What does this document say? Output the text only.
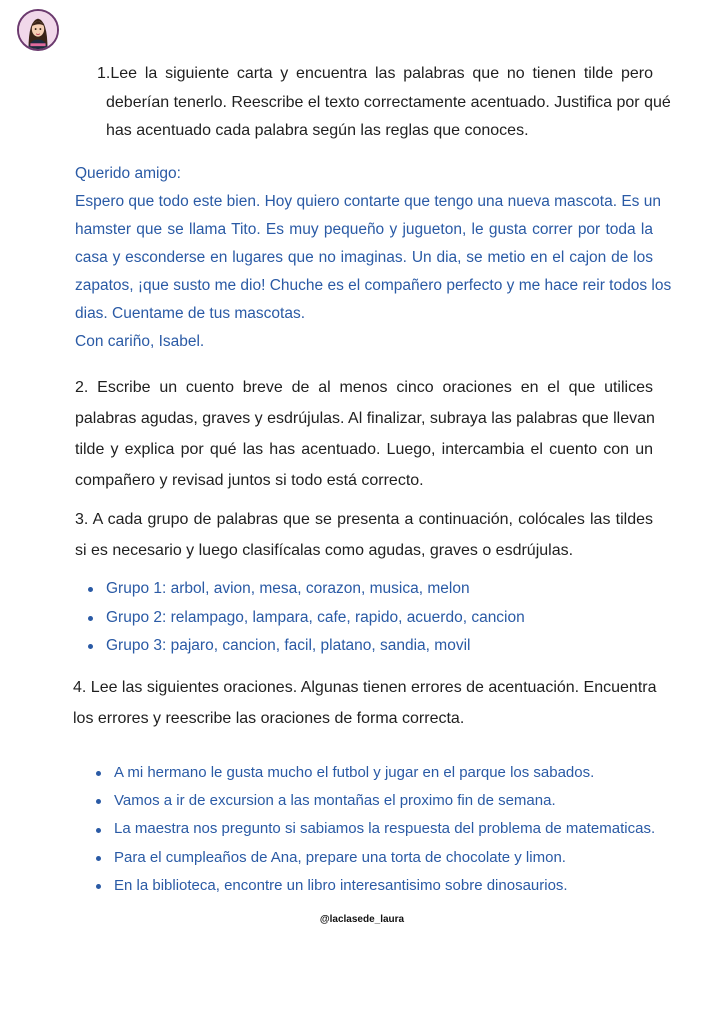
1.Lee la siguiente carta y encuentra las palabras que no tienen tilde pero
deberían tenerlo. Reescribe el texto correctamente acentuado. Justifica por qué
has acentuado cada palabra según las reglas que conoces.
Querido amigo:
Espero que todo este bien. Hoy quiero contarte que tengo una nueva mascota. Es un
hamster que se llama Tito. Es muy pequeño y jugueton, le gusta correr por toda la
casa y esconderse en lugares que no imaginas. Un dia, se metio en el cajon de los
zapatos, ¡que susto me dio! Chuche es el compañero perfecto y me hace reir todos los
dias. Cuentame de tus mascotas.
Con cariño, Isabel.
2. Escribe un cuento breve de al menos cinco oraciones en el que utilices
palabras agudas, graves y esdrújulas. Al finalizar, subraya las palabras que llevan
tilde y explica por qué las has acentuado. Luego, intercambia el cuento con un
compañero y revisad juntos si todo está correcto.
3. A cada grupo de palabras que se presenta a continuación, colócales las tildes
si es necesario y luego clasifícalas como agudas, graves o esdrújulas.
Grupo 1: arbol, avion, mesa, corazon, musica, melon
Grupo 2: relampago, lampara, cafe, rapido, acuerdo, cancion
Grupo 3: pajaro, cancion, facil, platano, sandia, movil
4. Lee las siguientes oraciones. Algunas tienen errores de acentuación. Encuentra
los errores y reescribe las oraciones de forma correcta.
A mi hermano le gusta mucho el futbol y jugar en el parque los sabados.
Vamos a ir de excursion a las montañas el proximo fin de semana.
La maestra nos pregunto si sabiamos la respuesta del problema de matematicas.
Para el cumpleaños de Ana, prepare una torta de chocolate y limon.
En la biblioteca, encontre un libro interesantisimo sobre dinosaurios.
@laclasede_laura
